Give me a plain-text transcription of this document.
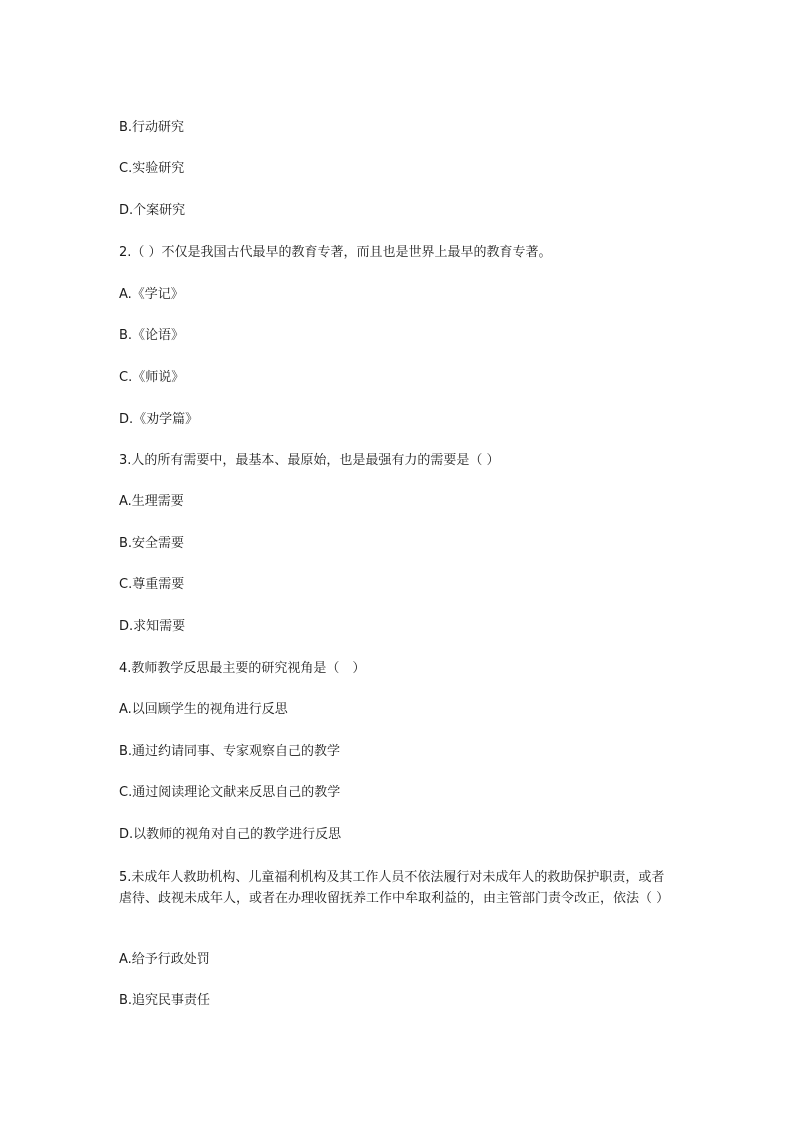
B.行动研究

C.实验研究

D.个案研究

2.（ ）不仅是我国古代最早的教育专著，而且也是世界上最早的教育专著。

A.《学记》

B.《论语》

C.《师说》

D.《劝学篇》

3.人的所有需要中，最基本、最原始，也是最强有力的需要是（ ）

A.生理需要

B.安全需要

C.尊重需要

D.求知需要

4.教师教学反思最主要的研究视角是（　）

A.以回顾学生的视角进行反思

B.通过约请同事、专家观察自己的教学

C.通过阅读理论文献来反思自己的教学

D.以教师的视角对自己的教学进行反思

5.未成年人救助机构、儿童福利机构及其工作人员不依法履行对未成年人的救助保护职责，或者虐待、歧视未成年人，或者在办理收留抚养工作中牟取利益的，由主管部门责令改正，依法（ ）

A.给予行政处罚

B.追究民事责任
